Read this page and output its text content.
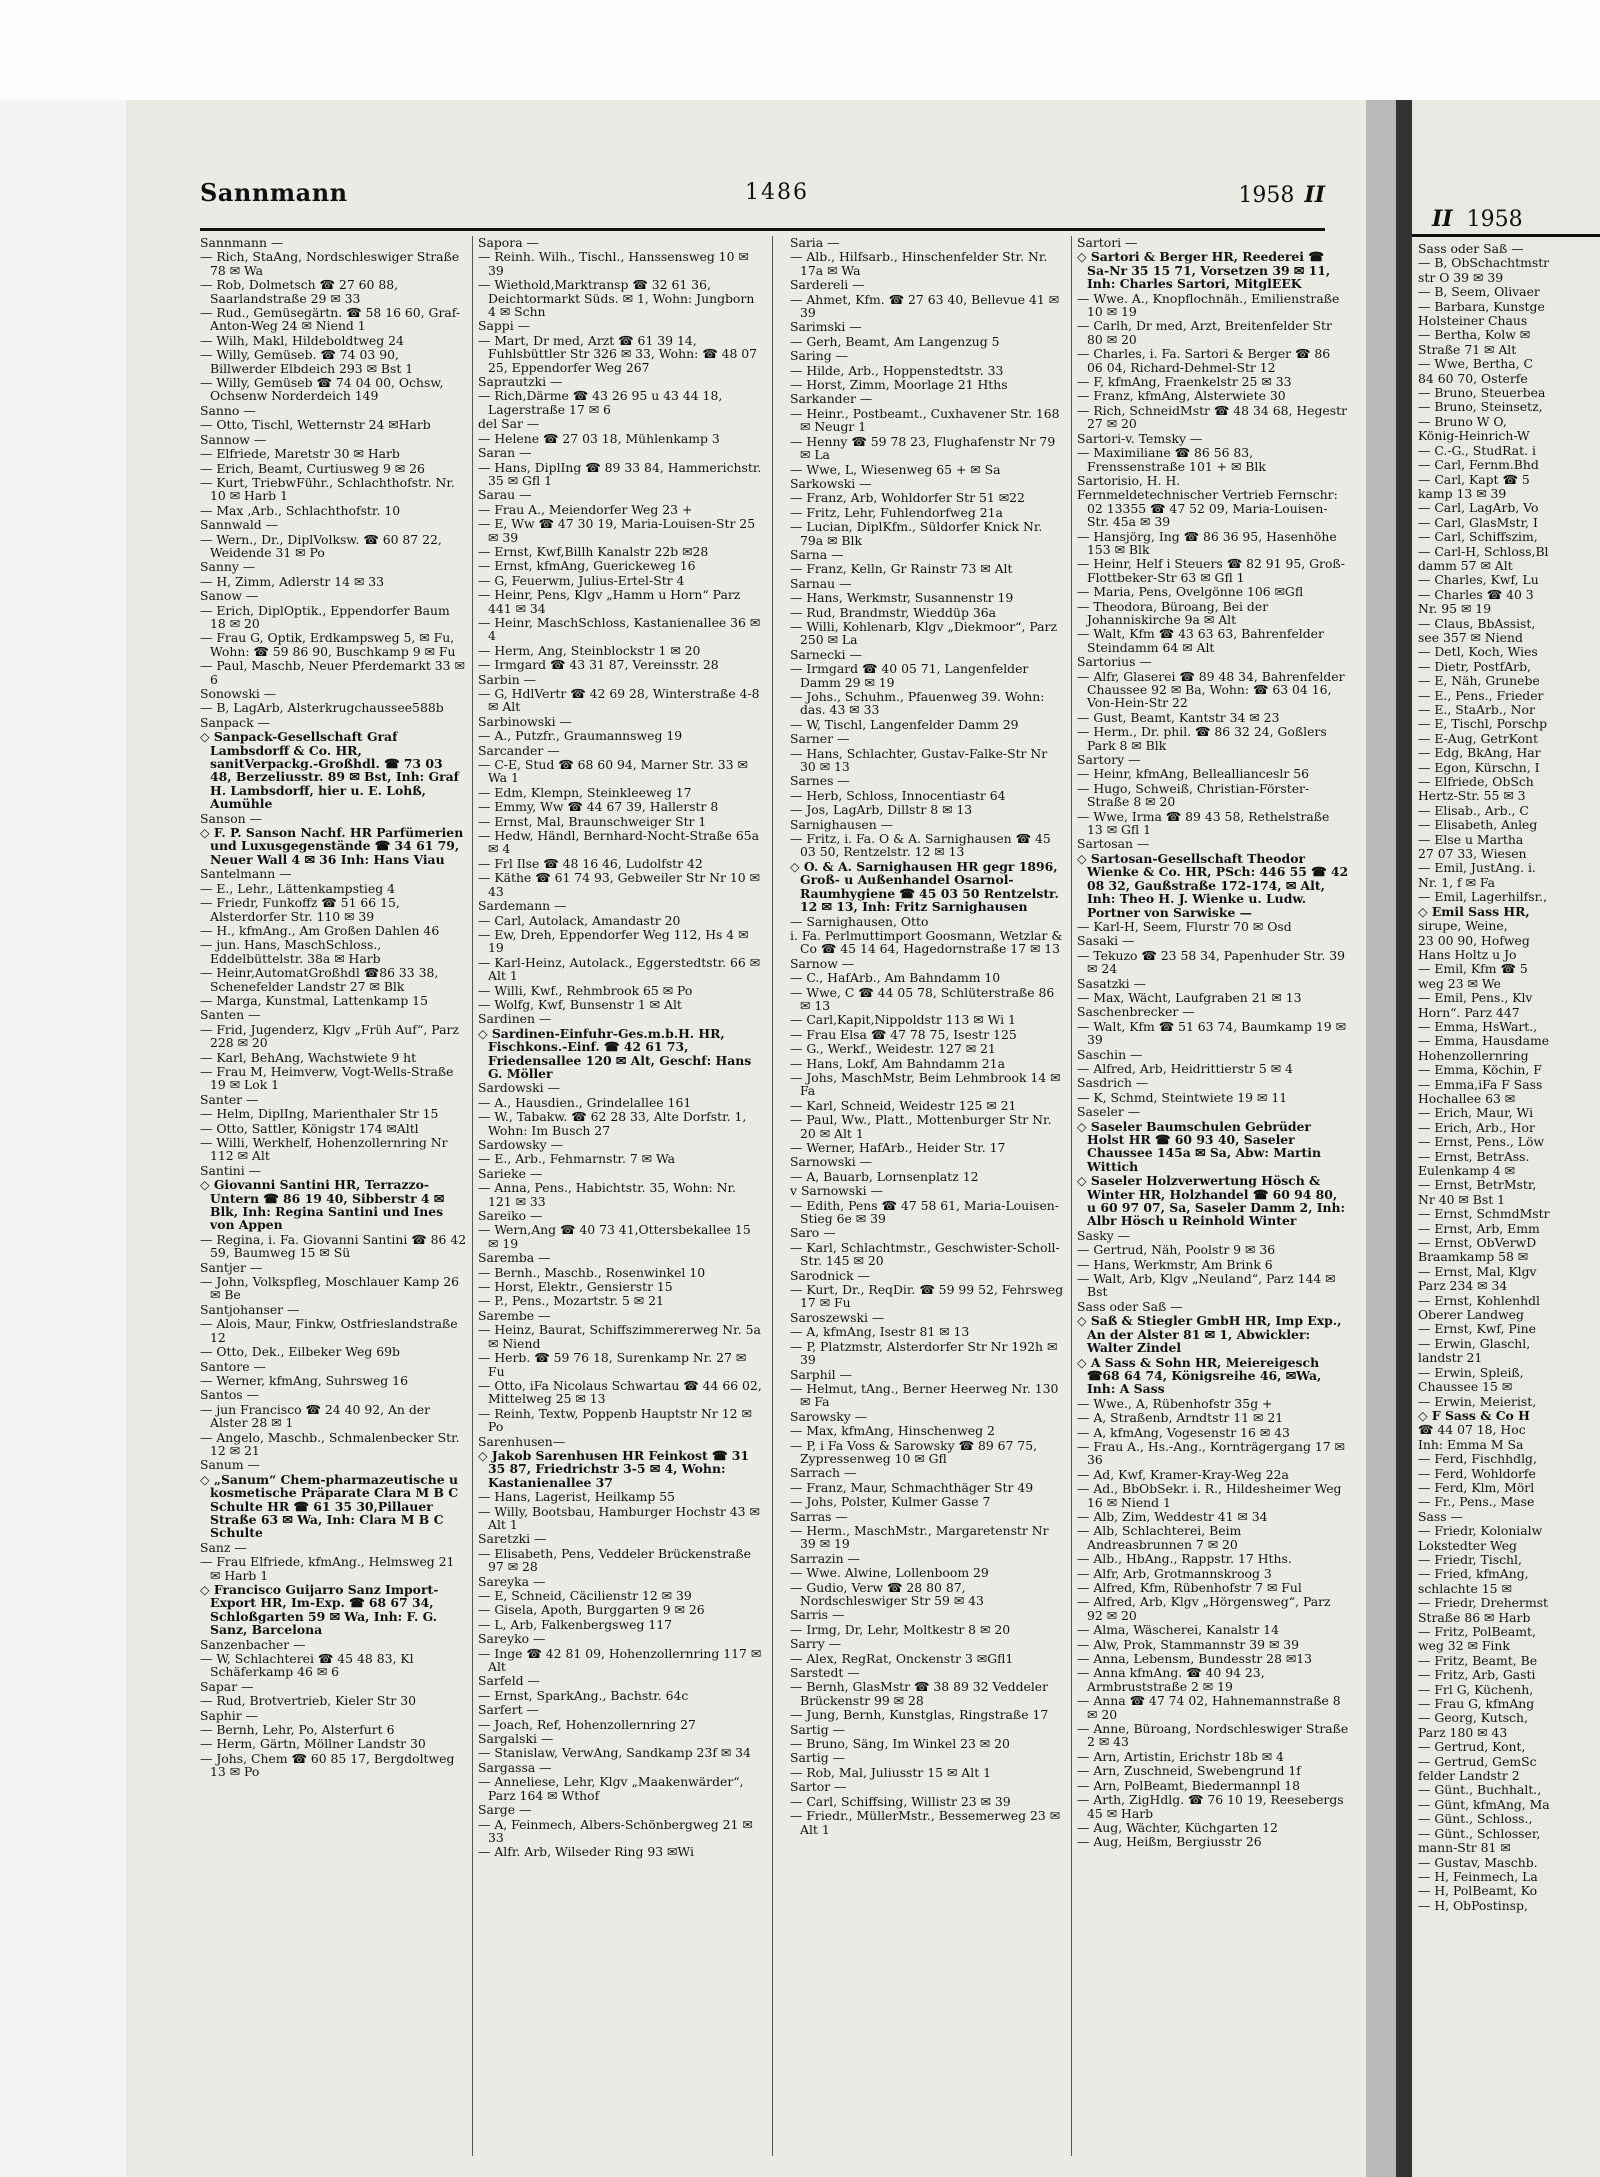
Sannmann	1486	1958 II
Sannmann —
— Rich, StaAng, Nordschleswiger Straße 78 ✉ Wa
— Rob, Dolmetsch ☎ 27 60 88, Saarlandstraße 29 ✉ 33
— Rud., Gemüsegärtn. ☎ 58 16 60, Graf-Anton-Weg 24 ✉ Niend 1
— Wilh, Makl, Hildeboldtweg 24
— Willy, Gemüseb. ☎ 74 03 90, Billwerder Elbdeich 293 ✉ Bst 1
— Willy, Gemüseb ☎ 74 04 00, Ochsw, Ochsenw Norderdeich 149
Sanno —
— Otto, Tischl, Wetternstr 24 ✉Harb
Sannow —
— Elfriede, Maretstr 30 ✉ Harb
— Erich, Beamt, Curtiusweg 9 ✉ 26
— Kurt, TriebwFühr., Schlachthofstr. Nr. 10 ✉ Harb 1
— Max ,Arb., Schlachthofstr. 10
Sannwald —
— Wern., Dr., DiplVolksw. ☎ 60 87 22, Weidende 31 ✉ Po
Sanny —
— H, Zimm, Adlerstr 14 ✉ 33
Sanow —
— Erich, DiplOptik., Eppendorfer Baum 18 ✉ 20
— Frau G, Optik, Erdkampsweg 5, ✉ Fu, Wohn: ☎ 59 86 90, Buschkamp 9 ✉ Fu
— Paul, Maschb, Neuer Pferdemarkt 33 ✉ 6
Sonowski —
— B, LagArb, Alsterkrugchaussee588b
Sanpack —
◇ Sanpack-Gesellschaft Graf Lambsdorff & Co. HR, sanitVerpackg.-Großhdl. ☎ 73 03 48, Berzeliusstr. 89 ✉ Bst, Inh: Graf H. Lambsdorff, hier u. E. Lohß, Aumühle
Sanson —
◇ F. P. Sanson Nachf. HR Parfümerien und Luxusgegenstände ☎ 34 61 79, Neuer Wall 4 ✉ 36 Inh: Hans Viau
Santelmann —
— E., Lehr., Lättenkampstieg 4
— Friedr, Funkoffz ☎ 51 66 15, Alsterdorfer Str. 110 ✉ 39
— H., kfmAng., Am Großen Dahlen 46
— jun. Hans, MaschSchloss., Eddelbüttelstr. 38a ✉ Harb
— Heinr,AutomatGroßhdl ☎86 33 38, Schenefelder Landstr 27 ✉ Blk
— Marga, Kunstmal, Lattenkamp 15
Santen —
— Frid, Jugenderz, Klgv „Früh Auf“, Parz 228 ✉ 20
— Karl, BehAng, Wachstwiete 9 ht
— Frau M, Heimverw, Vogt-Wells-Straße 19 ✉ Lok 1
Santer —
— Helm, DiplIng, Marienthaler Str 15
— Otto, Sattler, Königstr 174 ✉Altl
— Willi, Werkhelf, Hohenzollernring Nr 112 ✉ Alt
Santini —
◇ Giovanni Santini HR, Terrazzo-Untern ☎ 86 19 40, Sibberstr 4 ✉ Blk, Inh: Regina Santini und Ines von Appen
— Regina, i. Fa. Giovanni Santini ☎ 86 42 59, Baumweg 15 ✉ Sü
Santjer —
— John, Volkspfleg, Moschlauer Kamp 26 ✉ Be
Santjohanser —
— Alois, Maur, Finkw, Ostfrieslandstraße 12
— Otto, Dek., Eilbeker Weg 69b
Santore —
— Werner, kfmAng, Suhrsweg 16
Santos —
— jun Francisco ☎ 24 40 92, An der Alster 28 ✉ 1
— Angelo, Maschb., Schmalenbecker Str. 12 ✉ 21
Sanum —
◇ „Sanum“ Chem-pharmazeutische u kosmetische Präparate Clara M B C Schulte HR ☎ 61 35 30,Pillauer Straße 63 ✉ Wa, Inh: Clara M B C Schulte
Sanz —
— Frau Elfriede, kfmAng., Helmsweg 21 ✉ Harb 1
◇ Francisco Guijarro Sanz Import-Export HR, Im-Exp. ☎ 68 67 34, Schloßgarten 59 ✉ Wa, Inh: F. G. Sanz, Barcelona
Sanzenbacher —
— W, Schlachterei ☎ 45 48 83, Kl Schäferkamp 46 ✉ 6
Sapar —
— Rud, Brotvertrieb, Kieler Str 30
Saphir —
— Bernh, Lehr, Po, Alsterfurt 6
— Herm, Gärtn, Möllner Landstr 30
— Johs, Chem ☎ 60 85 17, Bergdoltweg 13 ✉ Po
Sapora —
— Reinh. Wilh., Tischl., Hanssensweg 10 ✉ 39
— Wiethold,Marktransp ☎ 32 61 36, Deichtormarkt Süds. ✉ 1, Wohn: Jungborn 4 ✉ Schn
Sappi —
— Mart, Dr med, Arzt ☎ 61 39 14, Fuhlsbüttler Str 326 ✉ 33, Wohn: ☎ 48 07 25, Eppendorfer Weg 267
Saprautzki —
— Rich,Därme ☎ 43 26 95 u 43 44 18, Lagerstraße 17 ✉ 6
del Sar —
— Helene ☎ 27 03 18, Mühlenkamp 3
Saran —
— Hans, DiplIng ☎ 89 33 84, Hammerichstr. 35 ✉ Gfl 1
Sarau —
— Frau A., Meiendorfer Weg 23 +
— E, Ww ☎ 47 30 19, Maria-Louisen-Str 25 ✉ 39
— Ernst, Kwf,Billh Kanalstr 22b ✉28
— Ernst, kfmAng, Guerickeweg 16
— G, Feuerwm, Julius-Ertel-Str 4
— Heinr, Pens, Klgv „Hamm u Horn“ Parz 441 ✉ 34
— Heinr, MaschSchloss, Kastanienallee 36 ✉ 4
— Herm, Ang, Steinblockstr 1 ✉ 20
— Irmgard ☎ 43 31 87, Vereinsstr. 28
Sarbin —
— G, HdlVertr ☎ 42 69 28, Winterstraße 4-8 ✉ Alt
Sarbinowski —
— A., Putzfr., Graumannsweg 19
Sarcander —
— C-E, Stud ☎ 68 60 94, Marner Str. 33 ✉ Wa 1
— Edm, Klempn, Steinkleeweg 17
— Emmy, Ww ☎ 44 67 39, Hallerstr 8
— Ernst, Mal, Braunschweiger Str 1
— Hedw, Händl, Bernhard-Nocht-Straße 65a ✉ 4
— Frl Ilse ☎ 48 16 46, Ludolfstr 42
— Käthe ☎ 61 74 93, Gebweiler Str Nr 10 ✉ 43
Sardemann —
— Carl, Autolack, Amandastr 20
— Ew, Dreh, Eppendorfer Weg 112, Hs 4 ✉ 19
— Karl-Heinz, Autolack., Eggerstedtstr. 66 ✉ Alt 1
— Willi, Kwf., Rehmbrook 65 ✉ Po
— Wolfg, Kwf, Bunsenstr 1 ✉ Alt
Sardinen —
◇ Sardinen-Einfuhr-Ges.m.b.H. HR, Fischkons.-Einf. ☎ 42 61 73, Friedensallee 120 ✉ Alt, Geschf: Hans G. Möller
Sardowski —
— A., Hausdien., Grindelallee 161
— W., Tabakw. ☎ 62 28 33, Alte Dorfstr. 1, Wohn: Im Busch 27
Sardowsky —
— E., Arb., Fehmarnstr. 7 ✉ Wa
Sarieke —
— Anna, Pens., Habichtstr. 35, Wohn: Nr. 121 ✉ 33
Sareiko —
— Wern,Ang ☎ 40 73 41,Ottersbekallee 15 ✉ 19
Saremba —
— Bernh., Maschb., Rosenwinkel 10
— Horst, Elektr., Gensierstr 15
— P., Pens., Mozartstr. 5 ✉ 21
Sarembe —
— Heinz, Baurat, Schiffszimmererweg Nr. 5a ✉ Niend
— Herb. ☎ 59 76 18, Surenkamp Nr. 27 ✉ Fu
— Otto, iFa Nicolaus Schwartau ☎ 44 66 02, Mittelweg 25 ✉ 13
— Reinh, Textw, Poppenb Hauptstr Nr 12 ✉ Po
Sarenhusen—
◇ Jakob Sarenhusen HR Feinkost ☎ 31 35 87, Friedrichstr 3-5 ✉ 4, Wohn: Kastanienallee 37
— Hans, Lagerist, Heilkamp 55
— Willy, Bootsbau, Hamburger Hochstr 43 ✉ Alt 1
Saretzki —
— Elisabeth, Pens, Veddeler Brückenstraße 97 ✉ 28
Sareyka —
— E, Schneid, Cäcilienstr 12 ✉ 39
— Gisela, Apoth, Burggarten 9 ✉ 26
— L, Arb, Falkenbergsweg 117
Sareyko —
— Inge ☎ 42 81 09, Hohenzollernring 117 ✉ Alt
Sarfeld —
— Ernst, SparkAng., Bachstr. 64c
Sarfert —
— Joach, Ref, Hohenzollernring 27
Sargalski —
— Stanislaw, VerwAng, Sandkamp 23f ✉ 34
Sargassa —
— Anneliese, Lehr, Klgv „Maakenwärder“, Parz 164 ✉ Wthof
Sarge —
— A, Feinmech, Albers-Schönbergweg 21 ✉ 33
— Alfr. Arb, Wilseder Ring 93 ✉Wi
Saria —
— Alb., Hilfsarb., Hinschenfelder Str. Nr. 17a ✉ Wa
Sardereli —
— Ahmet, Kfm. ☎ 27 63 40, Bellevue 41 ✉ 39
Sarimski —
— Gerh, Beamt, Am Langenzug 5
Saring —
— Hilde, Arb., Hoppenstedtstr. 33
— Horst, Zimm, Moorlage 21 Hths
Sarkander —
— Heinr., Postbeamt., Cuxhavener Str. 168 ✉ Neugr 1
— Henny ☎ 59 78 23, Flughafenstr Nr 79 ✉ La
— Wwe, L, Wiesenweg 65 + ✉ Sa
Sarkowski —
— Franz, Arb, Wohldorfer Str 51 ✉22
— Fritz, Lehr, Fuhlendorfweg 21a
— Lucian, DiplKfm., Süldorfer Knick Nr. 79a ✉ Blk
Sarna —
— Franz, Kelln, Gr Rainstr 73 ✉ Alt
Sarnau —
— Hans, Werkmstr, Susannenstr 19
— Rud, Brandmstr, Wieddüp 36a
— Willi, Kohlenarb, Klgv „Diekmoor“, Parz 250 ✉ La
Sarnecki —
— Irmgard ☎ 40 05 71, Langenfelder Damm 29 ✉ 19
— Johs., Schuhm., Pfauenweg 39. Wohn: das. 43 ✉ 33
— W, Tischl, Langenfelder Damm 29
Sarner —
— Hans, Schlachter, Gustav-Falke-Str Nr 30 ✉ 13
Sarnes —
— Herb, Schloss, Innocentiastr 64
— Jos, LagArb, Dillstr 8 ✉ 13
Sarnighausen —
— Fritz, i. Fa. O & A. Sarnighausen ☎ 45 03 50, Rentzelstr. 12 ✉ 13
◇ O. & A. Sarnighausen HR gegr 1896, Groß- u Außenhandel Osarnol-Raumhygiene ☎ 45 03 50 Rentzelstr. 12 ✉ 13, Inh: Fritz Sarnighausen
— Sarnighausen, Otto
i. Fa. Perlmuttimport Goosmann, Wetzlar & Co ☎ 45 14 64, Hagedornstraße 17 ✉ 13
Sarnow —
— C., HafArb., Am Bahndamm 10
— Wwe, C ☎ 44 05 78, Schlüterstraße 86 ✉ 13
— Carl,Kapit,Nippoldstr 113 ✉ Wi 1
— Frau Elsa ☎ 47 78 75, Isestr 125
— G., Werkf., Weidestr. 127 ✉ 21
— Hans, Lokf, Am Bahndamm 21a
— Johs, MaschMstr, Beim Lehmbrook 14 ✉ Fa
— Karl, Schneid, Weidestr 125 ✉ 21
— Paul, Ww., Platt., Mottenburger Str Nr. 20 ✉ Alt 1
— Werner, HafArb., Heider Str. 17
Sarnowski —
— A, Bauarb, Lornsenplatz 12
v Sarnowski —
— Edith, Pens ☎ 47 58 61, Maria-Louisen-Stieg 6e ✉ 39
Saro —
— Karl, Schlachtmstr., Geschwister-Scholl-Str. 145 ✉ 20
Sarodnick —
— Kurt, Dr., ReqDir. ☎ 59 99 52, Fehrsweg 17 ✉ Fu
Saroszewski —
— A, kfmAng, Isestr 81 ✉ 13
— P, Platzmstr, Alsterdorfer Str Nr 192h ✉ 39
Sarphil —
— Helmut, tAng., Berner Heerweg Nr. 130 ✉ Fa
Sarowsky —
— Max, kfmAng, Hinschenweg 2
— P, i Fa Voss & Sarowsky ☎ 89 67 75, Zypressenweg 10 ✉ Gfl
Sarrach —
— Franz, Maur, Schmachthäger Str 49
— Johs, Polster, Kulmer Gasse 7
Sarras —
— Herm., MaschMstr., Margaretenstr Nr 39 ✉ 19
Sarrazin —
— Wwe. Alwine, Lollenboom 29
— Gudio, Verw ☎ 28 80 87, Nordschleswiger Str 59 ✉ 43
Sarris —
— Irmg, Dr, Lehr, Moltkestr 8 ✉ 20
Sarry —
— Alex, RegRat, Onckenstr 3 ✉Gfl1
Sarstedt —
— Bernh, GlasMstr ☎ 38 89 32 Veddeler Brückenstr 99 ✉ 28
— Jung, Bernh, Kunstglas, Ringstraße 17
Sartig —
— Bruno, Säng, Im Winkel 23 ✉ 20
Sartig —
— Rob, Mal, Juliusstr 15 ✉ Alt 1
Sartor —
— Carl, Schiffsing, Willistr 23 ✉ 39
— Friedr., MüllerMstr., Bessemerweg 23 ✉ Alt 1
Sartori —
◇ Sartori & Berger HR, Reederei ☎ Sa-Nr 35 15 71, Vorsetzen 39 ✉ 11, Inh: Charles Sartori, MitglEEK
— Wwe. A., Knopflochnäh., Emilienstraße 10 ✉ 19
— Carlh, Dr med, Arzt, Breitenfelder Str 80 ✉ 20
— Charles, i. Fa. Sartori & Berger ☎ 86 06 04, Richard-Dehmel-Str 12
— F, kfmAng, Fraenkelstr 25 ✉ 33
— Franz, kfmAng, Alsterwiete 30
— Rich, SchneidMstr ☎ 48 34 68, Hegestr 27 ✉ 20
Sartori-v. Temsky —
— Maximiliane ☎ 86 56 83, Frenssenstraße 101 + ✉ Blk
Sartorisio, H. H.
Fernmeldetechnischer Vertrieb Fernschr: 02 13355 ☎ 47 52 09, Maria-Louisen-Str. 45a ✉ 39
— Hansjörg, Ing ☎ 86 36 95, Hasenhöhe 153 ✉ Blk
— Heinr, Helf i Steuers ☎ 82 91 95, Groß-Flottbeker-Str 63 ✉ Gfl 1
— Maria, Pens, Ovelgönne 106 ✉Gfl
— Theodora, Büroang, Bei der Johanniskirche 9a ✉ Alt
— Walt, Kfm ☎ 43 63 63, Bahrenfelder Steindamm 64 ✉ Alt
Sartorius —
— Alfr, Glaserei ☎ 89 48 34, Bahrenfelder Chaussee 92 ✉ Ba, Wohn: ☎ 63 04 16, Von-Hein-Str 22
— Gust, Beamt, Kantstr 34 ✉ 23
— Herm., Dr. phil. ☎ 86 32 24, Goßlers Park 8 ✉ Blk
Sartory —
— Heinr, kfmAng, Belleallianceslr 56
— Hugo, Schweiß, Christian-Förster-Straße 8 ✉ 20
— Wwe, Irma ☎ 89 43 58, Rethelstraße 13 ✉ Gfl 1
Sartosan —
◇ Sartosan-Gesellschaft Theodor Wienke & Co. HR, PSch: 446 55 ☎ 42 08 32, Gaußstraße 172-174, ✉ Alt, Inh: Theo H. J. Wienke u. Ludw. Portner von Sarwiske —
— Karl-H, Seem, Flurstr 70 ✉ Osd
Sasaki —
— Tekuzo ☎ 23 58 34, Papenhuder Str. 39 ✉ 24
Sasatzki —
— Max, Wächt, Laufgraben 21 ✉ 13
Saschenbrecker —
— Walt, Kfm ☎ 51 63 74, Baumkamp 19 ✉ 39
Saschin —
— Alfred, Arb, Heidrittierstr 5 ✉ 4
Sasdrich —
— K, Schmd, Steintwiete 19 ✉ 11
Saseler —
◇ Saseler Baumschulen Gebrüder Holst HR ☎ 60 93 40, Saseler Chaussee 145a ✉ Sa, Abw: Martin Wittich
◇ Saseler Holzverwertung Hösch & Winter HR, Holzhandel ☎ 60 94 80, u 60 97 07, Sa, Saseler Damm 2, Inh: Albr Hösch u Reinhold Winter
Sasky —
— Gertrud, Näh, Poolstr 9 ✉ 36
— Hans, Werkmstr, Am Brink 6
— Walt, Arb, Klgv „Neuland“, Parz 144 ✉ Bst
Sass oder Saß —
◇ Saß & Stiegler GmbH HR, Imp Exp., An der Alster 81 ✉ 1, Abwickler: Walter Zindel
◇ A Sass & Sohn HR, Meiereigesch ☎68 64 74, Königsreihe 46, ✉Wa, Inh: A Sass
— Wwe., A, Rübenhofstr 35g +
— A, Straßenb, Arndtstr 11 ✉ 21
— A, kfmAng, Vogesenstr 16 ✉ 43
— Frau A., Hs.-Ang., Kornträgergang 17 ✉ 36
— Ad, Kwf, Kramer-Kray-Weg 22a
— Ad., BbObSekr. i. R., Hildesheimer Weg 16 ✉ Niend 1
— Alb, Zim, Weddestr 41 ✉ 34
— Alb, Schlachterei, Beim Andreasbrunnen 7 ✉ 20
— Alb., HbAng., Rappstr. 17 Hths.
— Alfr, Arb, Grotmannskroog 3
— Alfred, Kfm, Rübenhofstr 7 ✉ Ful
— Alfred, Arb, Klgv „Hörgensweg“, Parz 92 ✉ 20
— Alma, Wäscherei, Kanalstr 14
— Alw, Prok, Stammannstr 39 ✉ 39
— Anna, Lebensm, Bundesstr 28 ✉13
— Anna kfmAng. ☎ 40 94 23, Armbruststraße 2 ✉ 19
— Anna ☎ 47 74 02, Hahnemannstraße 8 ✉ 20
— Anne, Büroang, Nordschleswiger Straße 2 ✉ 43
— Arn, Artistin, Erichstr 18b ✉ 4
— Arn, Zuschneid, Swebengrund 1f
— Arn, PolBeamt, Biedermannpl 18
— Arth, ZigHdlg. ☎ 76 10 19, Reesebergs 45 ✉ Harb
— Aug, Wächter, Küchgarten 12
— Aug, Heißm, Bergiusstr 26
II 1958
Sass oder Saß —
— B, ObSchachtmstr
str O 39 ✉ 39
— B, Seem, Olivaer
— Barbara, Kunstge
Holsteiner Chaus
— Bertha, Kolw ✉
Straße 71 ✉ Alt
— Wwe, Bertha, C
84 60 70, Osterfe
— Bruno, Steuerbea
— Bruno, Steinsetz,
— Bruno W O,
König-Heinrich-W
— C.-G., StudRat. i
— Carl, Fernm.Bhd
— Carl, Kapt ☎ 5
kamp 13 ✉ 39
— Carl, LagArb, Vo
— Carl, GlasMstr, I
— Carl, Schiffszim,
— Carl-H, Schloss,Bl
damm 57 ✉ Alt
— Charles, Kwf, Lu
— Charles ☎ 40 3
Nr. 95 ✉ 19
— Claus, BbAssist,
see 357 ✉ Niend
— Detl, Koch, Wies
— Dietr, PostfArb,
— E, Näh, Grunebe
— E., Pens., Frieder
— E., StaArb., Nor
— E, Tischl, Porschp
— E-Aug, GetrKont
— Edg, BkAng, Har
— Egon, Kürschn, I
— Elfriede, ObSch
Hertz-Str. 55 ✉ 3
— Elisab., Arb., C
— Elisabeth, Anleg
— Else u Martha
27 07 33, Wiesen
— Emil, JustAng. i.
Nr. 1, f ✉ Fa
— Emil, Lagerhilfsr.,
◇ Emil Sass HR,
sirupe, Weine,
23 00 90, Hofweg
Hans Holtz u Jo
— Emil, Kfm ☎ 5
weg 23 ✉ We
— Emil, Pens., Klv
Horn“. Parz 447
— Emma, HsWart.,
— Emma, Hausdame
Hohenzollernring
— Emma, Köchin, F
— Emma,iFa F Sass
Hochallee 63 ✉
— Erich, Maur, Wi
— Erich, Arb., Hor
— Ernst, Pens., Löw
— Ernst, BetrAss.
Eulenkamp 4 ✉
— Ernst, BetrMstr,
Nr 40 ✉ Bst 1
— Ernst, SchmdMstr
— Ernst, Arb, Emm
— Ernst, ObVerwD
Braamkamp 58 ✉
— Ernst, Mal, Klgv
Parz 234 ✉ 34
— Ernst, Kohlenhdl
Oberer Landweg
— Ernst, Kwf, Pine
— Erwin, Glaschl,
landstr 21
— Erwin, Spleiß,
Chaussee 15 ✉
— Erwin, Meierist,
◇ F Sass & Co H
☎ 44 07 18, Hoc
Inh: Emma M Sa
— Ferd, Fischhdlg,
— Ferd, Wohldorfe
— Ferd, Klm, Mörl
— Fr., Pens., Mase
Sass —
— Friedr, Kolonialw
Lokstedter Weg
— Friedr, Tischl,
— Fried, kfmAng,
schlachte 15 ✉
— Friedr, Drehermst
Straße 86 ✉ Harb
— Fritz, PolBeamt,
weg 32 ✉ Fink
— Fritz, Beamt, Be
— Fritz, Arb, Gasti
— Frl G, Küchenh,
— Frau G, kfmAng
— Georg, Kutsch,
Parz 180 ✉ 43
— Gertrud, Kont,
— Gertrud, GemSc
felder Landstr 2
— Günt., Buchhalt.,
— Günt, kfmAng, Ma
— Günt., Schloss.,
— Günt., Schlosser,
mann-Str 81 ✉
— Gustav, Maschb.
— H, Feinmech, La
— H, PolBeamt, Ko
— H, ObPostinsp,
